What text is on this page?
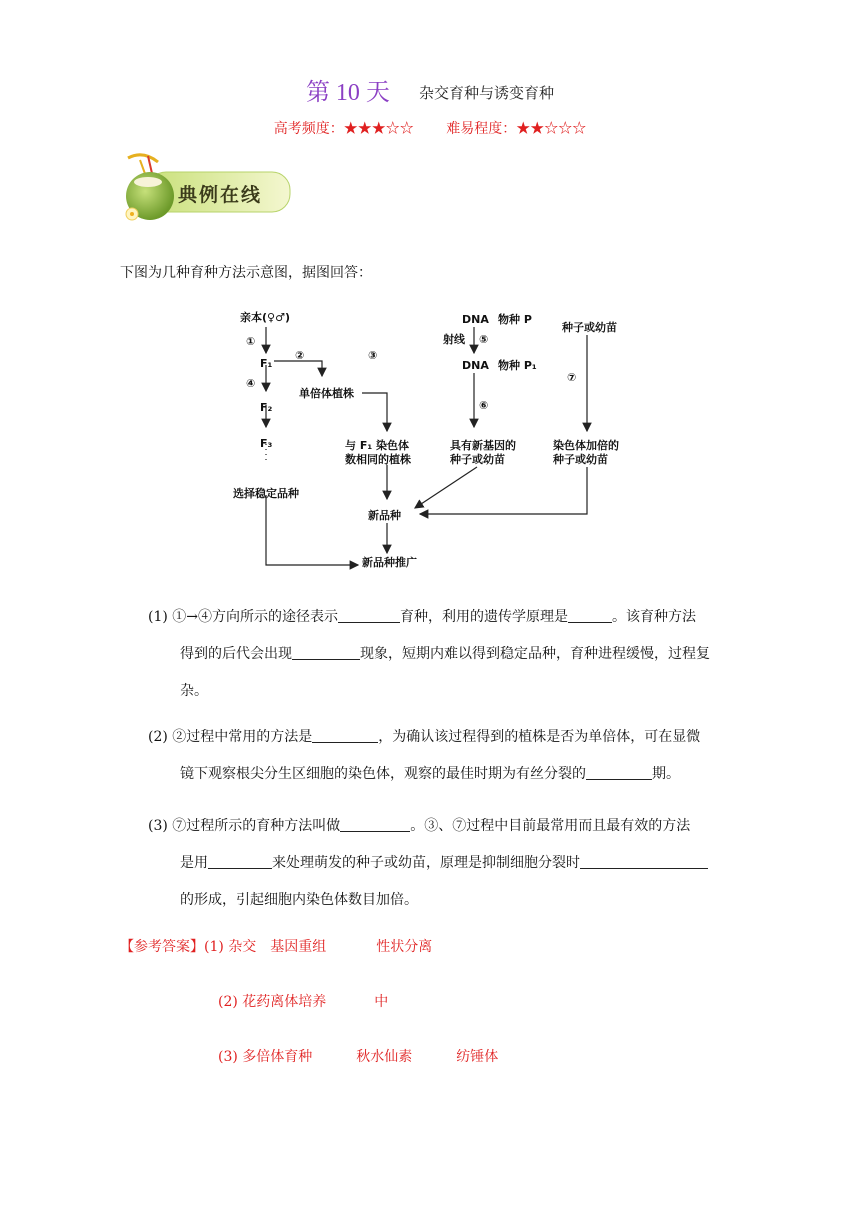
第 10 天 杂交育种与诱变育种
高考频度：★★★☆☆ 难易程度：★★☆☆☆
典例在线
下图为几种育种方法示意图，据图回答：
亲本(♀♂)
①
F₁
②
④
F₂
F₃
选择稳定品种
单倍体植株
③
与 F₁ 染色体
数相同的植株
新品种
新品种推广
DNA 物种 P
射线 ⑤
DNA 物种 P₁
⑥
具有新基因的
种子或幼苗
种子或幼苗
⑦
染色体加倍的
种子或幼苗
(1) ①→④方向所示的途径表示	育种，利用的遗传学原理是	。该育种方法
得到的后代会出现	现象，短期内难以得到稳定品种，育种进程缓慢，过程复
杂。
(2) ②过程中常用的方法是	，为确认该过程得到的植株是否为单倍体，可在显微
镜下观察根尖分生区细胞的染色体，观察的最佳时期为有丝分裂的	期。
(3) ⑦过程所示的育种方法叫做	。③、⑦过程中目前最常用而且最有效的方法
是用	来处理萌发的种子或幼苗，原理是抑制细胞分裂时
的形成，引起细胞内染色体数目加倍。
【参考答案】(1) 杂交 基因重组	性状分离
(2) 花药离体培养	中
(3) 多倍体育种	秋水仙素	纺锤体
